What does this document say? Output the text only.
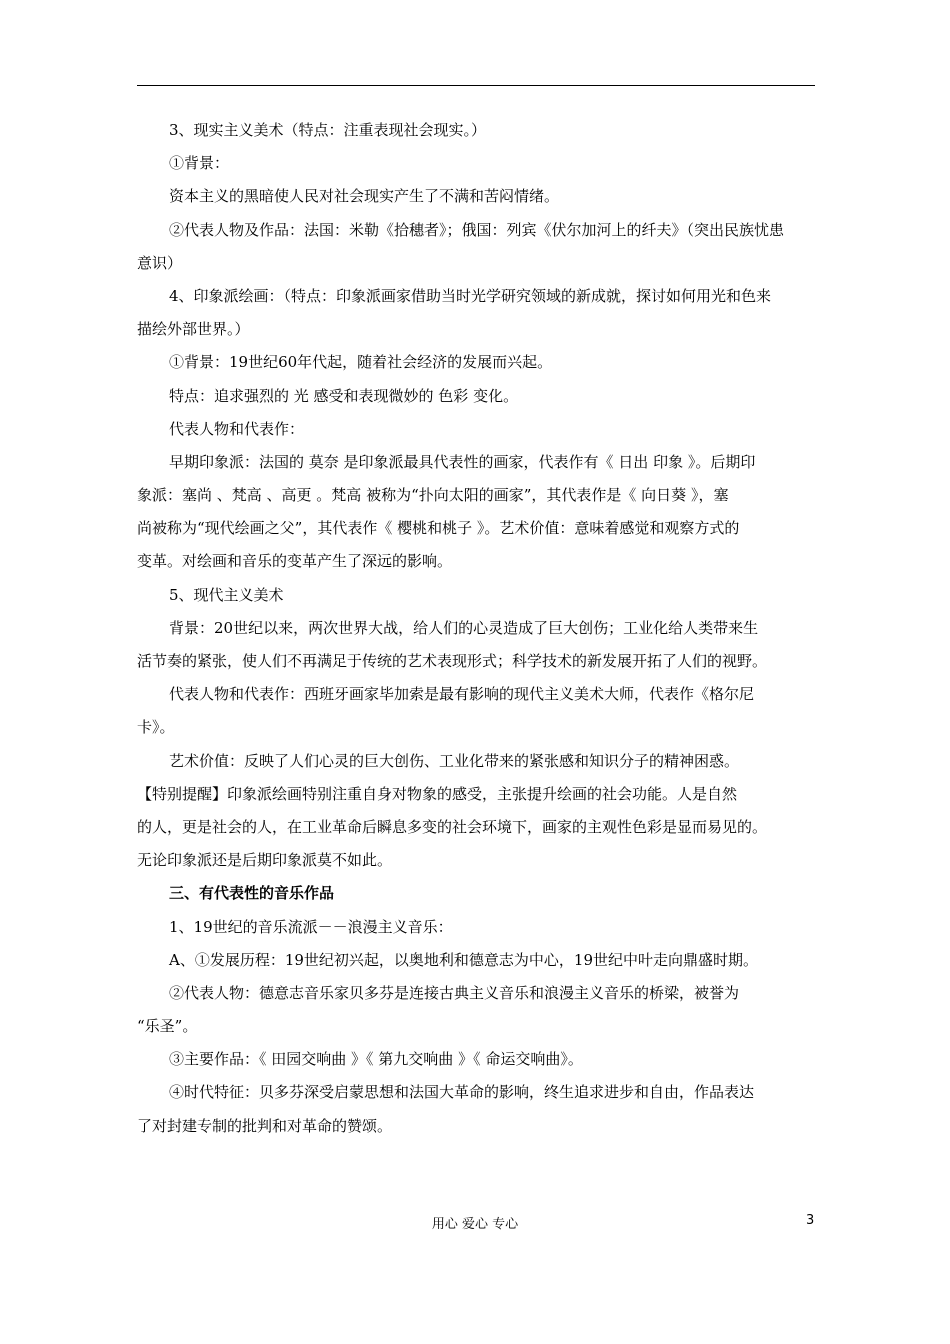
3、现实主义美术（特点：注重表现社会现实。）
①背景：
资本主义的黑暗使人民对社会现实产生了不满和苦闷情绪。
②代表人物及作品：法国：米勒《拾穗者》；俄国：列宾《伏尔加河上的纤夫》（突出民族忧患
意识）
4、印象派绘画：（特点：印象派画家借助当时光学研究领域的新成就，探讨如何用光和色来
描绘外部世界。）
①背景：19世纪60年代起，随着社会经济的发展而兴起。
特点：追求强烈的 光 感受和表现微妙的 色彩 变化。
代表人物和代表作：
早期印象派：法国的 莫奈 是印象派最具代表性的画家，代表作有《 日出 印象 》。后期印
象派：塞尚 、梵高 、高更 。梵高 被称为“扑向太阳的画家”，其代表作是《 向日葵 》，塞
尚被称为“现代绘画之父”，其代表作《 樱桃和桃子 》。艺术价值：意味着感觉和观察方式的
变革。对绘画和音乐的变革产生了深远的影响。
5、现代主义美术
背景：20世纪以来，两次世界大战，给人们的心灵造成了巨大创伤；工业化给人类带来生
活节奏的紧张，使人们不再满足于传统的艺术表现形式；科学技术的新发展开拓了人们的视野。
代表人物和代表作：西班牙画家毕加索是最有影响的现代主义美术大师，代表作《格尔尼
卡》。
艺术价值：反映了人们心灵的巨大创伤、工业化带来的紧张感和知识分子的精神困惑。
【特别提醒】印象派绘画特别注重自身对物象的感受，主张提升绘画的社会功能。人是自然
的人，更是社会的人，在工业革命后瞬息多变的社会环境下，画家的主观性色彩是显而易见的。
无论印象派还是后期印象派莫不如此。
三、有代表性的音乐作品
1、19世纪的音乐流派－－浪漫主义音乐：
A、①发展历程：19世纪初兴起，以奥地利和德意志为中心，19世纪中叶走向鼎盛时期。
②代表人物：德意志音乐家贝多芬是连接古典主义音乐和浪漫主义音乐的桥梁，被誉为
“乐圣”。
③主要作品：《 田园交响曲 》《 第九交响曲 》《 命运交响曲》。
④时代特征：贝多芬深受启蒙思想和法国大革命的影响，终生追求进步和自由，作品表达
了对封建专制的批判和对革命的赞颂。
用心 爱心 专心	3
